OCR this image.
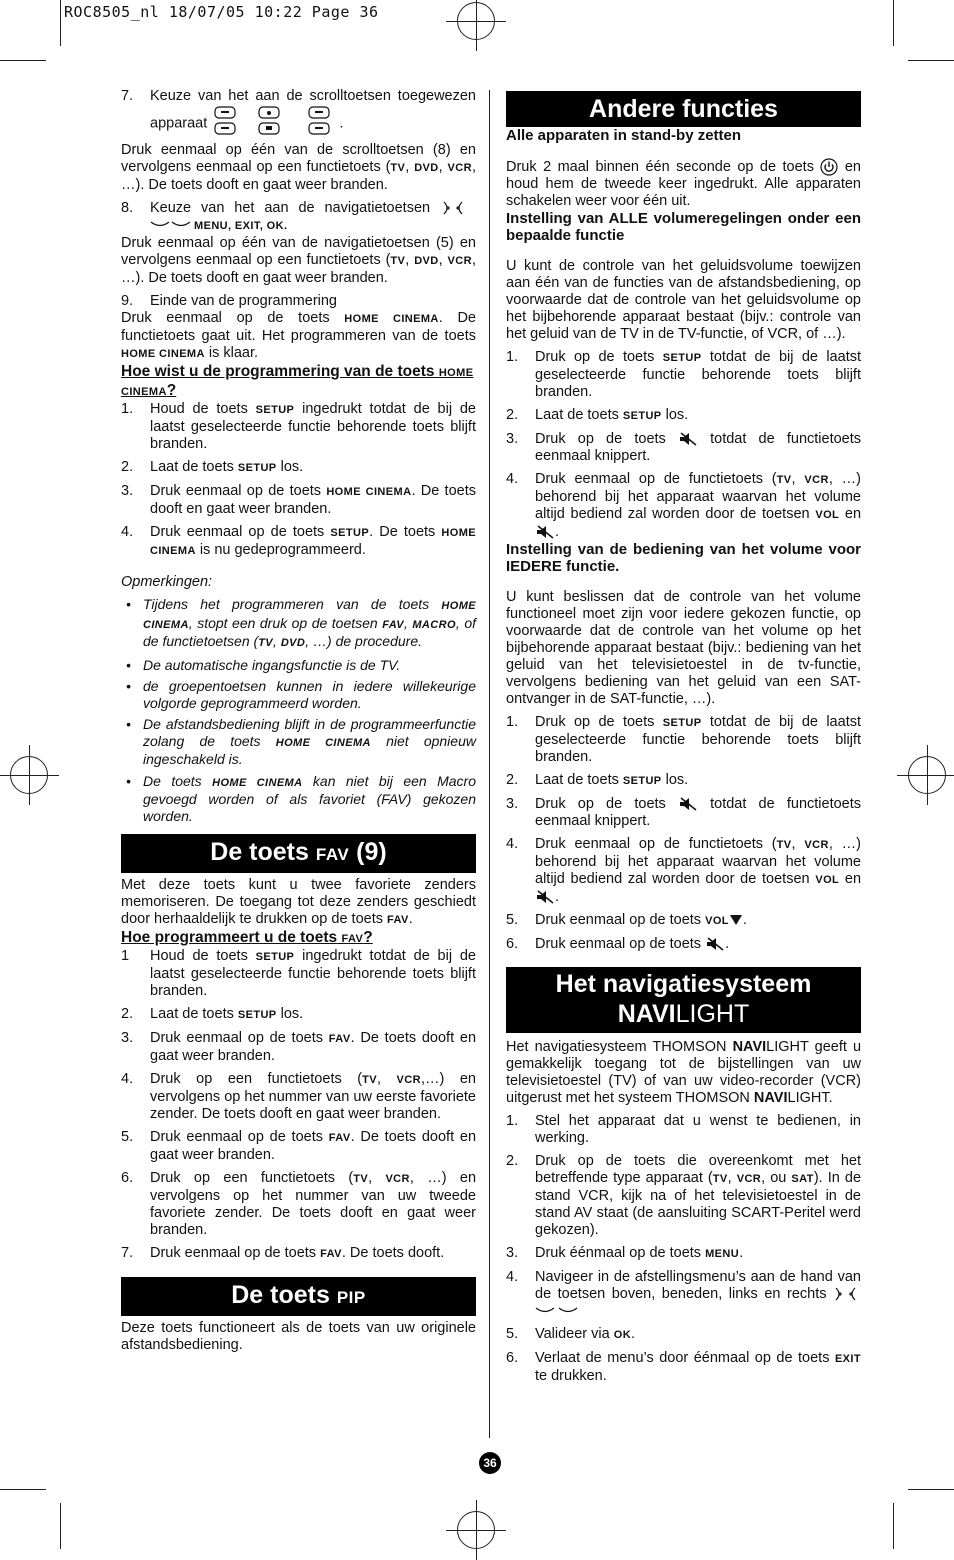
ROC8505_nl 18/07/05 10:22 Page 36
7. Keuze van het aan de scrolltoetsen toegewezen apparaat	.

Druk eenmaal op één van de scrolltoetsen (8) en vervolgens eenmaal op een functietoets (TV, DVD, VCR, …). De toets dooft en gaat weer branden.

8. Keuze van het aan de navigatietoetsen   MENU, EXIT, OK.

Druk eenmaal op één van de navigatietoetsen (5) en vervolgens eenmaal op een functietoets (TV, DVD, VCR, …). De toets dooft en gaat weer branden.

9. Einde van de programmering

Druk eenmaal op de toets HOME CINEMA. De functietoets gaat uit. Het programmeren van de toets HOME CINEMA is klaar.

Hoe wist u de programmering van de toets HOME CINEMA?
1. Houd de toets SETUP ingedrukt totdat de bij de laatst geselecteerde functie behorende toets blijft branden.
2. Laat de toets SETUP los.
3. Druk eenmaal op de toets HOME CINEMA. De toets dooft en gaat weer branden.
4. Druk eenmaal op de toets SETUP. De toets HOME CINEMA is nu gedeprogrammeerd.

Opmerkingen:

• Tijdens het programmeren van de toets HOME CINEMA, stopt een druk op de toetsen FAV, MACRO, of de functietoetsen (TV, DVD, …) de procedure.
• De automatische ingangsfunctie is de TV.
• de groepentoetsen kunnen in iedere willekeurige volgorde geprogrammeerd worden.
• De afstandsbediening blijft in de programmeerfunctie zolang de toets HOME CINEMA niet opnieuw ingeschakeld is.
• De toets HOME CINEMA kan niet bij een Macro gevoegd worden of als favoriet (FAV) gekozen worden.
De toets FAV (9)

Met deze toets kunt u twee favoriete zenders memoriseren. De toegang tot deze zenders geschiedt door herhaaldelijk te drukken op de toets FAV.

Hoe programmeert u de toets FAV?
1 Houd de toets SETUP ingedrukt totdat de bij de laatst geselecteerde functie behorende toets blijft branden.
2. Laat de toets SETUP los.
3. Druk eenmaal op de toets FAV. De toets dooft en gaat weer branden.
4. Druk op een functietoets (TV, VCR,…) en vervolgens op het nummer van uw eerste favoriete zender. De toets dooft en gaat weer branden.
5. Druk eenmaal op de toets FAV. De toets dooft en gaat weer branden.
6. Druk op een functietoets (TV, VCR, …) en vervolgens op het nummer van uw tweede favoriete zender. De toets dooft en gaat weer branden.
7. Druk eenmaal op de toets FAV. De toets dooft.
De toets PIP

Deze toets functioneert als de toets van uw originele afstandsbediening.

Andere functies
Alle apparaten in stand-by zetten

Druk 2 maal binnen één seconde op de toets en houd hem de tweede keer ingedrukt. Alle apparaten schakelen weer voor één uit.

Instelling van ALLE volumeregelingen onder een bepaalde functie

U kunt de controle van het geluidsvolume toewijzen aan één van de functies van de afstandsbediening, op voorwaarde dat de controle van het geluidsvolume op het bijbehorende apparaat bestaat (bijv.: controle van het geluid van de TV in de TV-functie, of VCR, of …).

1. Druk op de toets SETUP totdat de bij de laatst geselecteerde functie behorende toets blijft branden.
2. Laat de toets SETUP los.
3. Druk op de toets	totdat de functietoets eenmaal knippert.
4. Druk eenmaal op de functietoets (TV, VCR, …) behorend bij het apparaat waarvan het volume altijd bediend zal worden door de toetsen VOL en .
Instelling van de bediening van het volume voor IEDERE functie.

U kunt beslissen dat de controle van het volume functioneel moet zijn voor iedere gekozen functie, op voorwaarde dat de controle van het volume op het bijbehorende apparaat bestaat (bijv.: bediening van het geluid van het televisietoestel in de tv-functie, vervolgens bediening van het geluid van een SAT-ontvanger in de SAT-functie, …).

1. Druk op de toets SETUP totdat de bij de laatst geselecteerde functie behorende toets blijft branden.
2. Laat de toets SETUP los.
3. Druk op de toets	totdat de functietoets eenmaal knippert.
4. Druk eenmaal op de functietoets (TV, VCR, …) behorend bij het apparaat waarvan het volume altijd bediend zal worden door de toetsen VOL en .
5. Druk eenmaal op de toets VOL .
6. Druk eenmaal op de toets .
Het navigatiesysteem
NAVILIGHT

Het navigatiesysteem THOMSON NAVILIGHT geeft u gemakkelijk toegang tot de bijstellingen van uw televisietoestel (TV) of van uw video-recorder (VCR) uitgerust met het systeem THOMSON NAVILIGHT.

1. Stel het apparaat dat u wenst te bedienen, in werking.
2. Druk op de toets die overeenkomt met het betreffende type apparaat (TV, VCR, ou SAT). In de stand VCR, kijk na of het televisietoestel in de stand AV staat (de aansluiting SCART-Peritel werd gekozen).
3. Druk éénmaal op de toets MENU.
4. Navigeer in de afstellingsmenu’s aan de hand van de toetsen boven, beneden, links en rechts
5. Valideer via OK.
6. Verlaat de menu’s door éénmaal op de toets EXIT te drukken.
36
